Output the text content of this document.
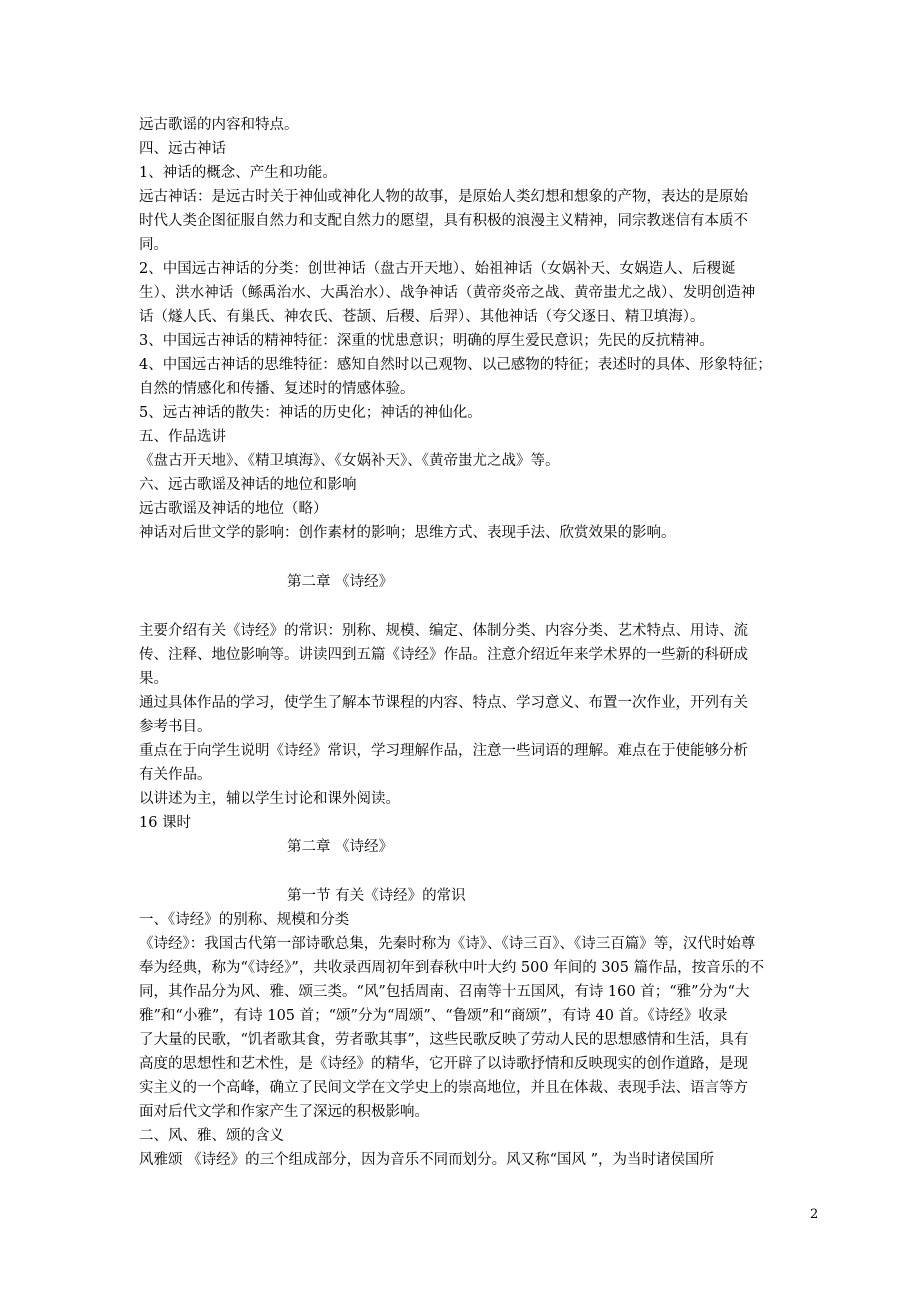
远古歌谣的内容和特点。
四、远古神话
1、神话的概念、产生和功能。
远古神话：是远古时关于神仙或神化人物的故事，是原始人类幻想和想象的产物，表达的是原始
时代人类企图征服自然力和支配自然力的愿望，具有积极的浪漫主义精神，同宗教迷信有本质不
同。
2、中国远古神话的分类：创世神话（盘古开天地）、始祖神话（女娲补天、女娲造人、后稷诞
生）、洪水神话（鲧禹治水、大禹治水）、战争神话（黄帝炎帝之战、黄帝蚩尤之战）、发明创造神
话（燧人氏、有巢氏、神农氏、苍颉、后稷、后羿）、其他神话（夸父逐日、精卫填海）。
3、中国远古神话的精神特征：深重的忧患意识；明确的厚生爱民意识；先民的反抗精神。
4、中国远古神话的思维特征：感知自然时以己观物、以己感物的特征；表述时的具体、形象特征；
自然的情感化和传播、复述时的情感体验。
5、远古神话的散失：神话的历史化；神话的神仙化。
五、作品选讲
《盘古开天地》、《精卫填海》、《女娲补天》、《黄帝蚩尤之战》等。
六、远古歌谣及神话的地位和影响
远古歌谣及神话的地位（略）
神话对后世文学的影响：创作素材的影响；思维方式、表现手法、欣赏效果的影响。
第二章 《诗经》
主要介绍有关《诗经》的常识：别称、规模、编定、体制分类、内容分类、艺术特点、用诗、流
传、注释、地位影响等。讲读四到五篇《诗经》作品。注意介绍近年来学术界的一些新的科研成
果。
通过具体作品的学习，使学生了解本节课程的内容、特点、学习意义、布置一次作业，开列有关
参考书目。
重点在于向学生说明《诗经》常识，学习理解作品，注意一些词语的理解。难点在于使能够分析
有关作品。
以讲述为主，辅以学生讨论和课外阅读。
16 课时
第二章 《诗经》
第一节 有关《诗经》的常识
一、《诗经》的别称、规模和分类
《诗经》：我国古代第一部诗歌总集，先秦时称为《诗》、《诗三百》、《诗三百篇》等，汉代时始尊
奉为经典，称为“《诗经》”，共收录西周初年到春秋中叶大约 500 年间的 305 篇作品，按音乐的不
同，其作品分为风、雅、颂三类。“风”包括周南、召南等十五国风，有诗 160 首；“雅”分为“大
雅”和“小雅”，有诗 105 首；“颂”分为“周颂”、“鲁颂”和“商颂”，有诗 40 首。《诗经》收录
了大量的民歌，“饥者歌其食，劳者歌其事”，这些民歌反映了劳动人民的思想感情和生活，具有
高度的思想性和艺术性，是《诗经》的精华，它开辟了以诗歌抒情和反映现实的创作道路，是现
实主义的一个高峰，确立了民间文学在文学史上的崇高地位，并且在体裁、表现手法、语言等方
面对后代文学和作家产生了深远的积极影响。
二、风、雅、颂的含义
风雅颂 《诗经》的三个组成部分，因为音乐不同而划分。风又称“国风 ”，为当时诸侯国所
2
